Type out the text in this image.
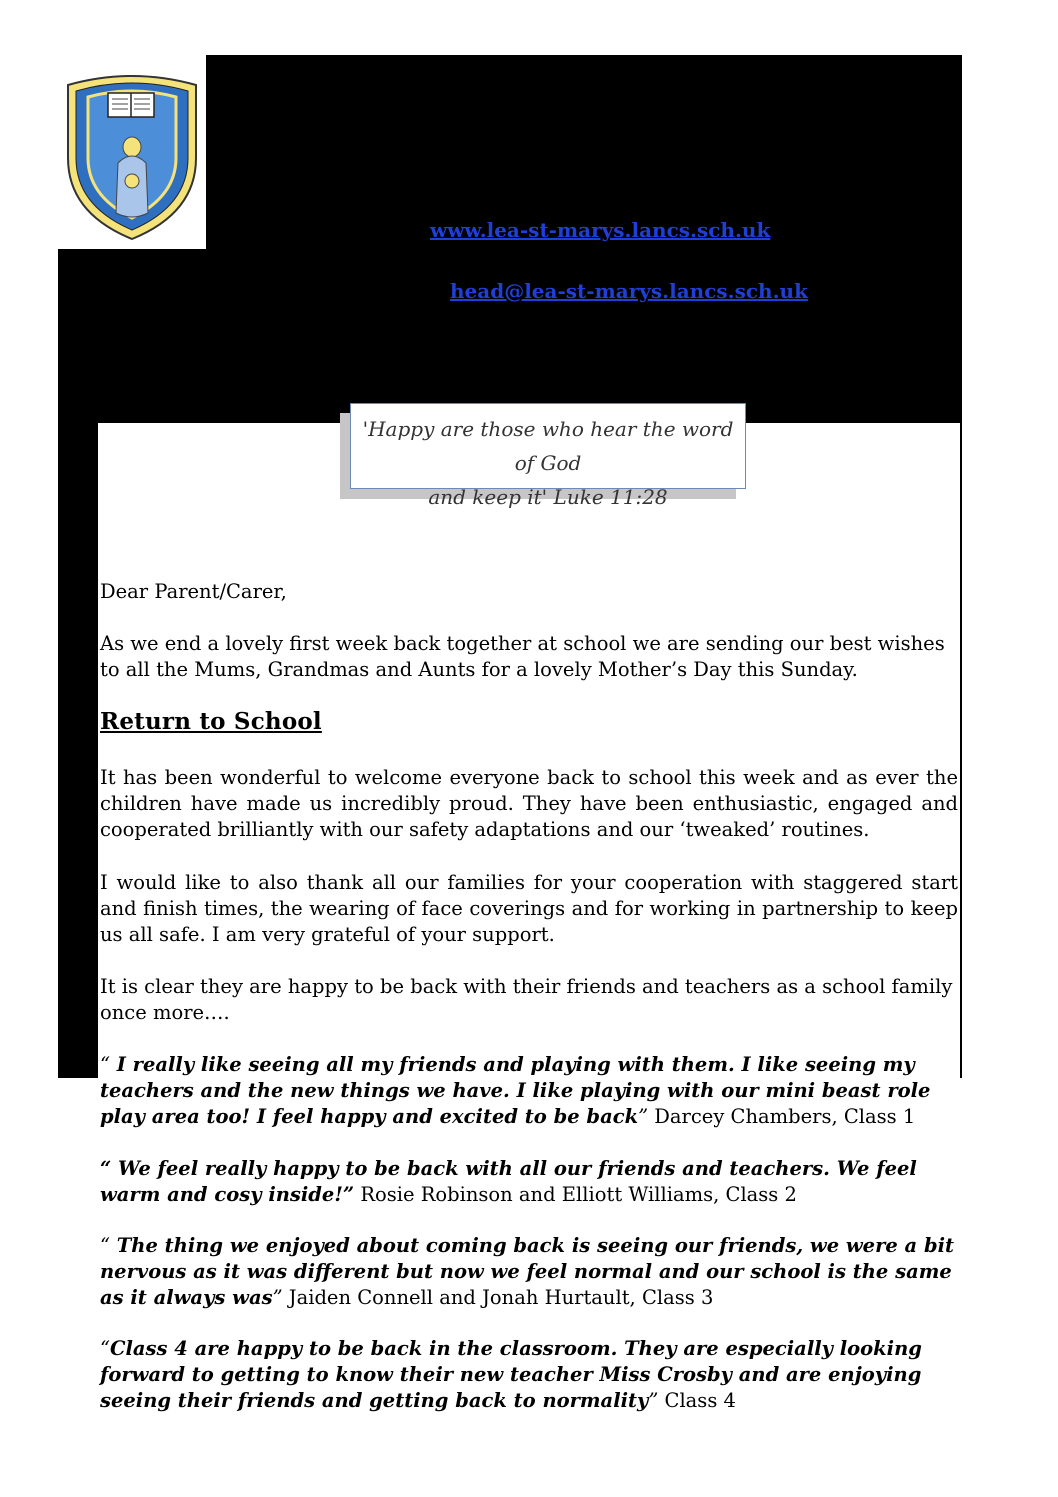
www.lea-st-marys.lancs.sch.uk
head@lea-st-marys.lancs.sch.uk
'Happy are those who hear the word of God
and keep it' Luke 11:28
Dear Parent/Carer,
As we end a lovely first week back together at school we are sending our best wishes to all the Mums, Grandmas and Aunts for a lovely Mother’s Day this Sunday.
Return to School
It has been wonderful to welcome everyone back to school this week and as ever the children have made us incredibly proud. They have been enthusiastic, engaged and cooperated brilliantly with our safety adaptations and our ‘tweaked’ routines.
I would like to also thank all our families for your cooperation with staggered start and finish times, the wearing of face coverings and for working in partnership to keep us all safe. I am very grateful of your support.
It is clear they are happy to be back with their friends and teachers as a school family once more….
“ I really like seeing all my friends and playing with them. I like seeing my teachers and the new things we have. I like playing with our mini beast role play area too! I feel happy and excited to be back” Darcey Chambers, Class 1
“ We feel really happy to be back with all our friends and teachers. We feel warm and cosy inside!” Rosie Robinson and Elliott Williams, Class 2
“ The thing we enjoyed about coming back is seeing our friends, we were a bit nervous as it was different but now we feel normal and our school is the same as it always was” Jaiden Connell and Jonah Hurtault, Class 3
“Class 4 are happy to be back in the classroom. They are especially looking forward to getting to know their new teacher Miss Crosby and are enjoying seeing their friends and getting back to normality” Class 4
